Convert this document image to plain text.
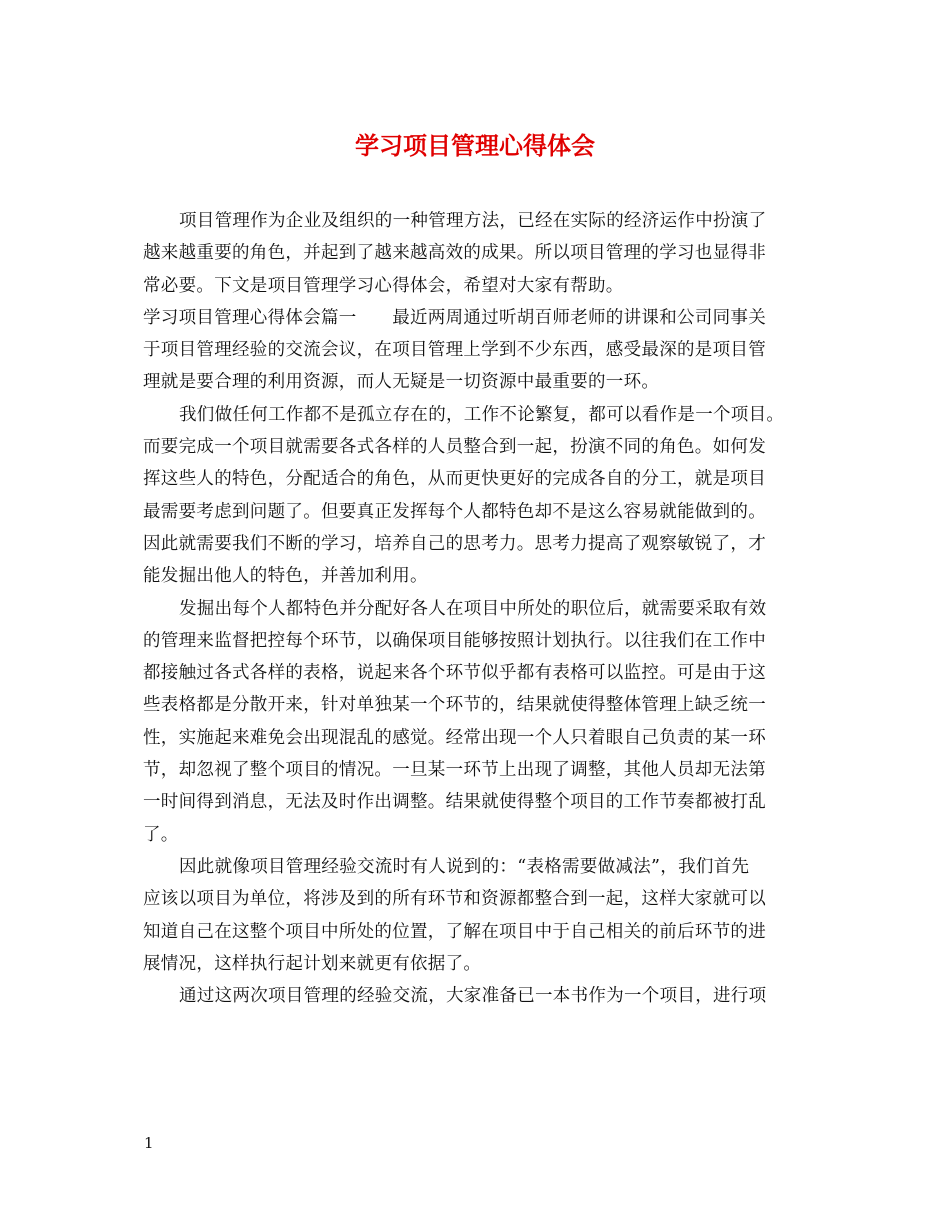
学习项目管理心得体会
项目管理作为企业及组织的一种管理方法，已经在实际的经济运作中扮演了
越来越重要的角色，并起到了越来越高效的成果。所以项目管理的学习也显得非
常必要。下文是项目管理学习心得体会，希望对大家有帮助。
学习项目管理心得体会篇一　　最近两周通过听胡百师老师的讲课和公司同事关
于项目管理经验的交流会议，在项目管理上学到不少东西，感受最深的是项目管
理就是要合理的利用资源，而人无疑是一切资源中最重要的一环。
我们做任何工作都不是孤立存在的，工作不论繁复，都可以看作是一个项目。
而要完成一个项目就需要各式各样的人员整合到一起，扮演不同的角色。如何发
挥这些人的特色，分配适合的角色，从而更快更好的完成各自的分工，就是项目
最需要考虑到问题了。但要真正发挥每个人都特色却不是这么容易就能做到的。
因此就需要我们不断的学习，培养自己的思考力。思考力提高了观察敏锐了，才
能发掘出他人的特色，并善加利用。
发掘出每个人都特色并分配好各人在项目中所处的职位后，就需要采取有效
的管理来监督把控每个环节，以确保项目能够按照计划执行。以往我们在工作中
都接触过各式各样的表格，说起来各个环节似乎都有表格可以监控。可是由于这
些表格都是分散开来，针对单独某一个环节的，结果就使得整体管理上缺乏统一
性，实施起来难免会出现混乱的感觉。经常出现一个人只着眼自己负责的某一环
节，却忽视了整个项目的情况。一旦某一环节上出现了调整，其他人员却无法第
一时间得到消息，无法及时作出调整。结果就使得整个项目的工作节奏都被打乱
了。
因此就像项目管理经验交流时有人说到的：“表格需要做减法”，我们首先
应该以项目为单位，将涉及到的所有环节和资源都整合到一起，这样大家就可以
知道自己在这整个项目中所处的位置，了解在项目中于自己相关的前后环节的进
展情况，这样执行起计划来就更有依据了。
通过这两次项目管理的经验交流，大家准备已一本书作为一个项目，进行项
1
